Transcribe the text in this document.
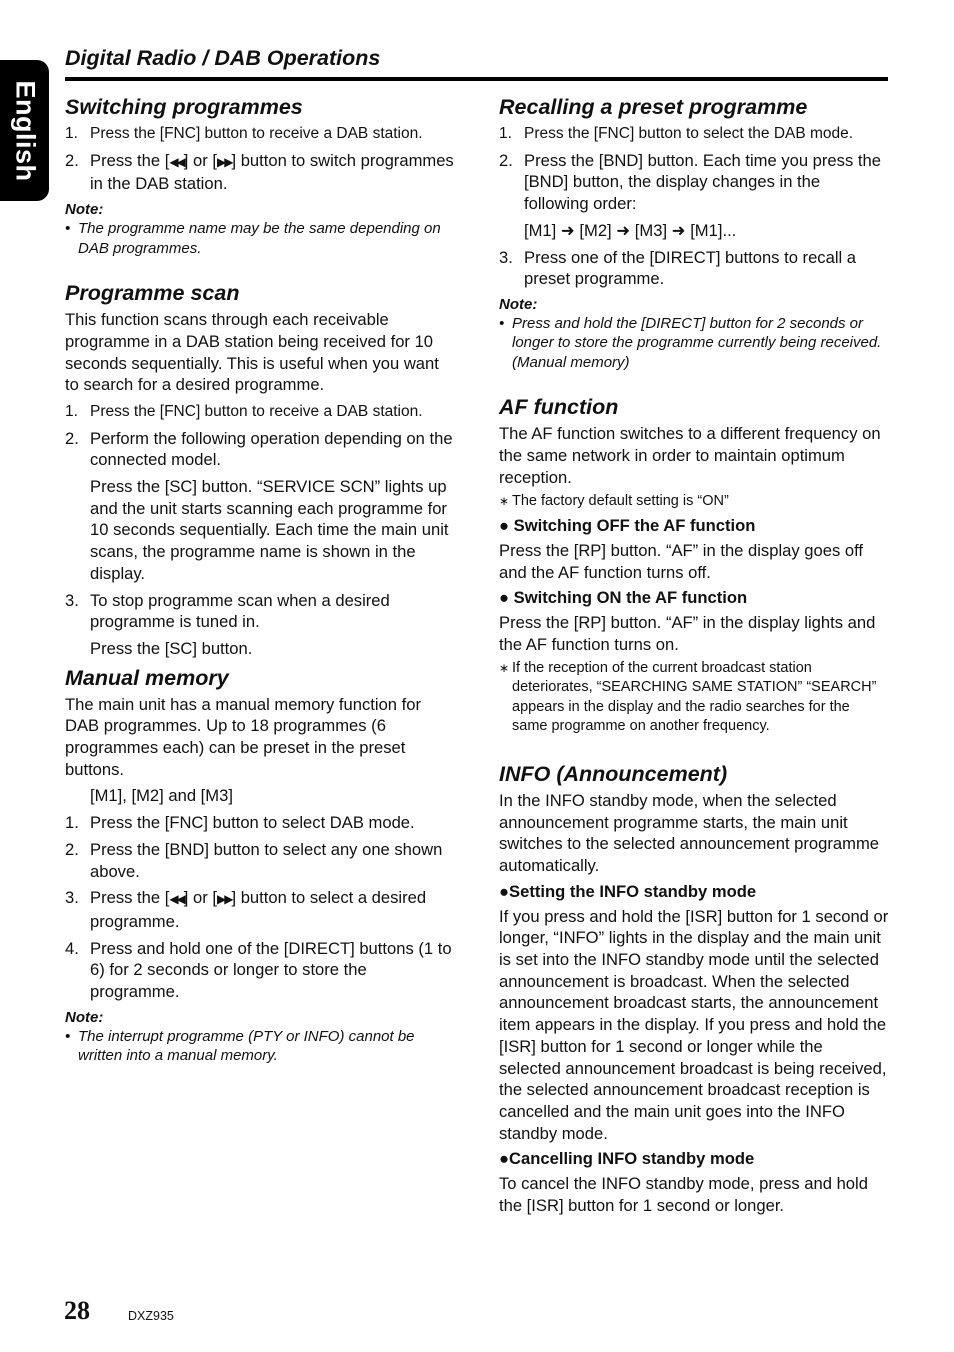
English
Digital Radio / DAB Operations
Switching programmes
1. Press the [FNC] button to receive a DAB station.
2. Press the [◀◀] or [▶▶] button to switch programmes in the DAB station.
Note:
• The programme name may be the same depending on DAB programmes.
Programme scan

This function scans through each receivable programme in a DAB station being received for 10 seconds sequentially. This is useful when you want to search for a desired programme.

1. Press the [FNC] button to receive a DAB station.
2. Perform the following operation depending on the connected model.
Press the [SC] button. “SERVICE SCN” lights up and the unit starts scanning each programme for 10 seconds sequentially. Each time the main unit scans, the programme name is shown in the display.
3. To stop programme scan when a desired programme is tuned in.
Press the [SC] button.
Manual memory

The main unit has a manual memory function for DAB programmes. Up to 18 programmes (6 programmes each) can be preset in the preset buttons.

[M1], [M2] and [M3]
1. Press the [FNC] button to select DAB mode.
2. Press the [BND] button to select any one shown above.
3. Press the [◀◀] or [▶▶] button to select a desired programme.
4. Press and hold one of the [DIRECT] buttons (1 to 6) for 2 seconds or longer to store the programme.
Note:
• The interrupt programme (PTY or INFO) cannot be written into a manual memory.
Recalling a preset programme
1. Press the [FNC] button to select the DAB mode.
2. Press the [BND] button. Each time you press the [BND] button, the display changes in the following order:
[M1] ➜ [M2] ➜ [M3] ➜ [M1]...
3. Press one of the [DIRECT] buttons to recall a preset programme.
Note:
• Press and hold the [DIRECT] button for 2 seconds or longer to store the programme currently being received. (Manual memory)
AF function

The AF function switches to a different frequency on the same network in order to maintain optimum reception.

∗ The factory default setting is “ON”
● Switching OFF the AF function

Press the [RP] button. “AF” in the display goes off and the AF function turns off.

● Switching ON the AF function

Press the [RP] button. “AF” in the display lights and the AF function turns on.

∗ If the reception of the current broadcast station deteriorates, “SEARCHING SAME STATION” “SEARCH” appears in the display and the radio searches for the same programme on another frequency.
INFO (Announcement)

In the INFO standby mode, when the selected announcement programme starts, the main unit switches to the selected announcement programme automatically.

●Setting the INFO standby mode

If you press and hold the [ISR] button for 1 second or longer, “INFO” lights in the display and the main unit is set into the INFO standby mode until the selected announcement is broadcast. When the selected announcement broadcast starts, the announcement item appears in the display. If you press and hold the [ISR] button for 1 second or longer while the selected announcement broadcast is being received, the selected announcement broadcast reception is cancelled and the main unit goes into the INFO standby mode.

●Cancelling INFO standby mode

To cancel the INFO standby mode, press and hold the [ISR] button for 1 second or longer.

28	DXZ935
